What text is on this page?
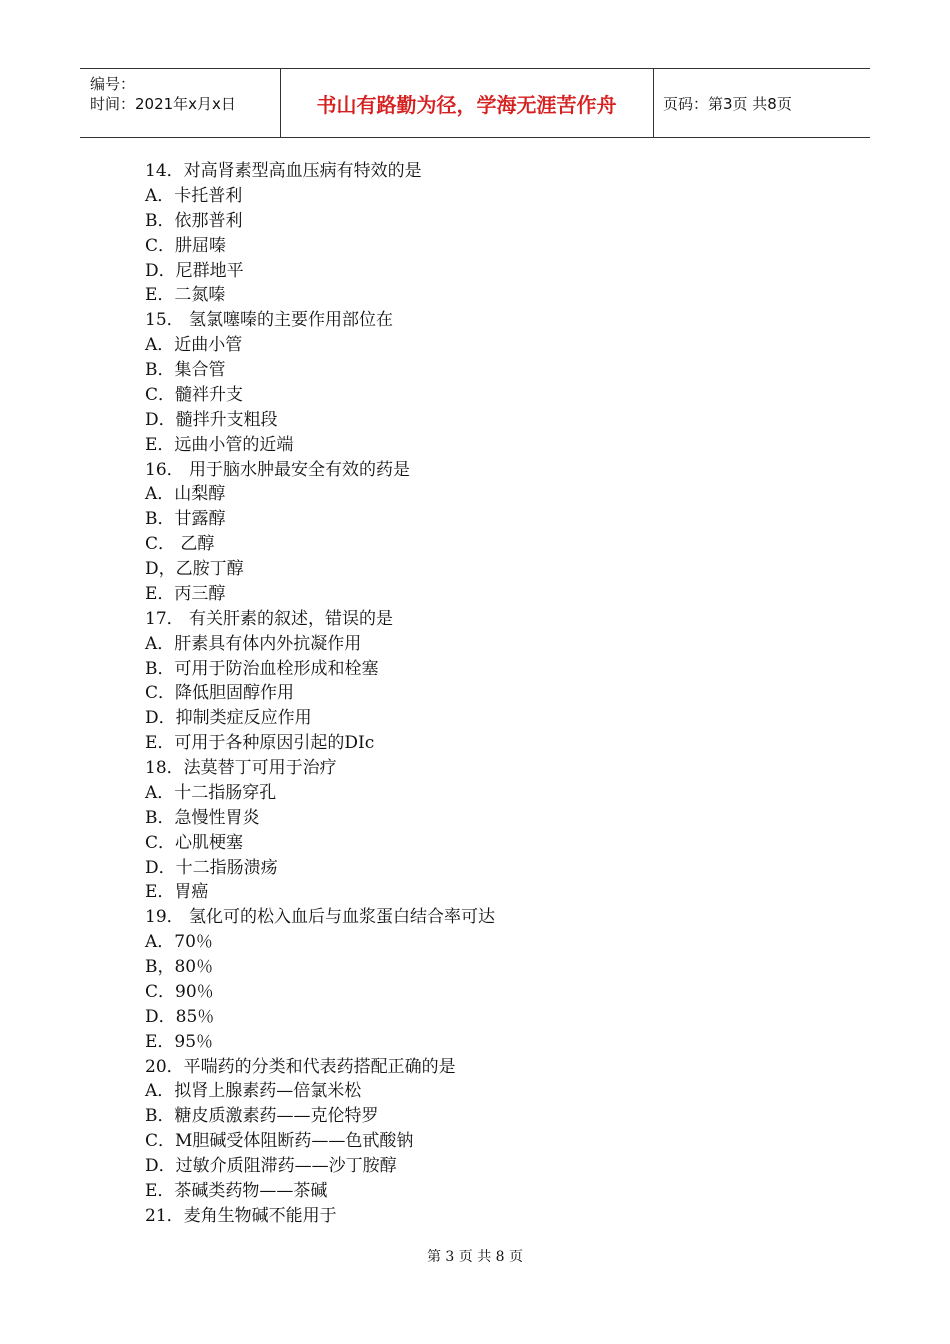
编号：
时间：2021年x月x日	书山有路勤为径，学海无涯苦作舟	页码：第3页 共8页
14．对高肾素型高血压病有特效的是
A．卡托普利
B．依那普利
C．肼屈嗪
D．尼群地平
E．二氮嗪
15． 氢氯噻嗪的主要作用部位在
A．近曲小管
B．集合管
C．髓袢升支
D．髓拌升支粗段
E．远曲小管的近端
16． 用于脑水肿最安全有效的药是
A．山梨醇
B．甘露醇
C． 乙醇
D，乙胺丁醇
E．丙三醇
17． 有关肝素的叙述，错误的是
A．肝素具有体内外抗凝作用
B．可用于防治血栓形成和栓塞
C．降低胆固醇作用
D．抑制类症反应作用
E．可用于各种原因引起的DIc
18．法莫替丁可用于治疗
A．十二指肠穿孔
B．急慢性胃炎
C．心肌梗塞
D．十二指肠溃疡
E．胃癌
19． 氢化可的松入血后与血浆蛋白结合率可达
A．70％
B，80％
C．90％
D．85％
E．95％
20．平喘药的分类和代表药搭配正确的是
A．拟肾上腺素药—倍氯米松
B．糖皮质激素药——克伦特罗
C．M胆碱受体阻断药——色甙酸钠
D．过敏介质阻滞药——沙丁胺醇
E．茶碱类药物——茶碱
21．麦角生物碱不能用于
第 3 页 共 8 页
